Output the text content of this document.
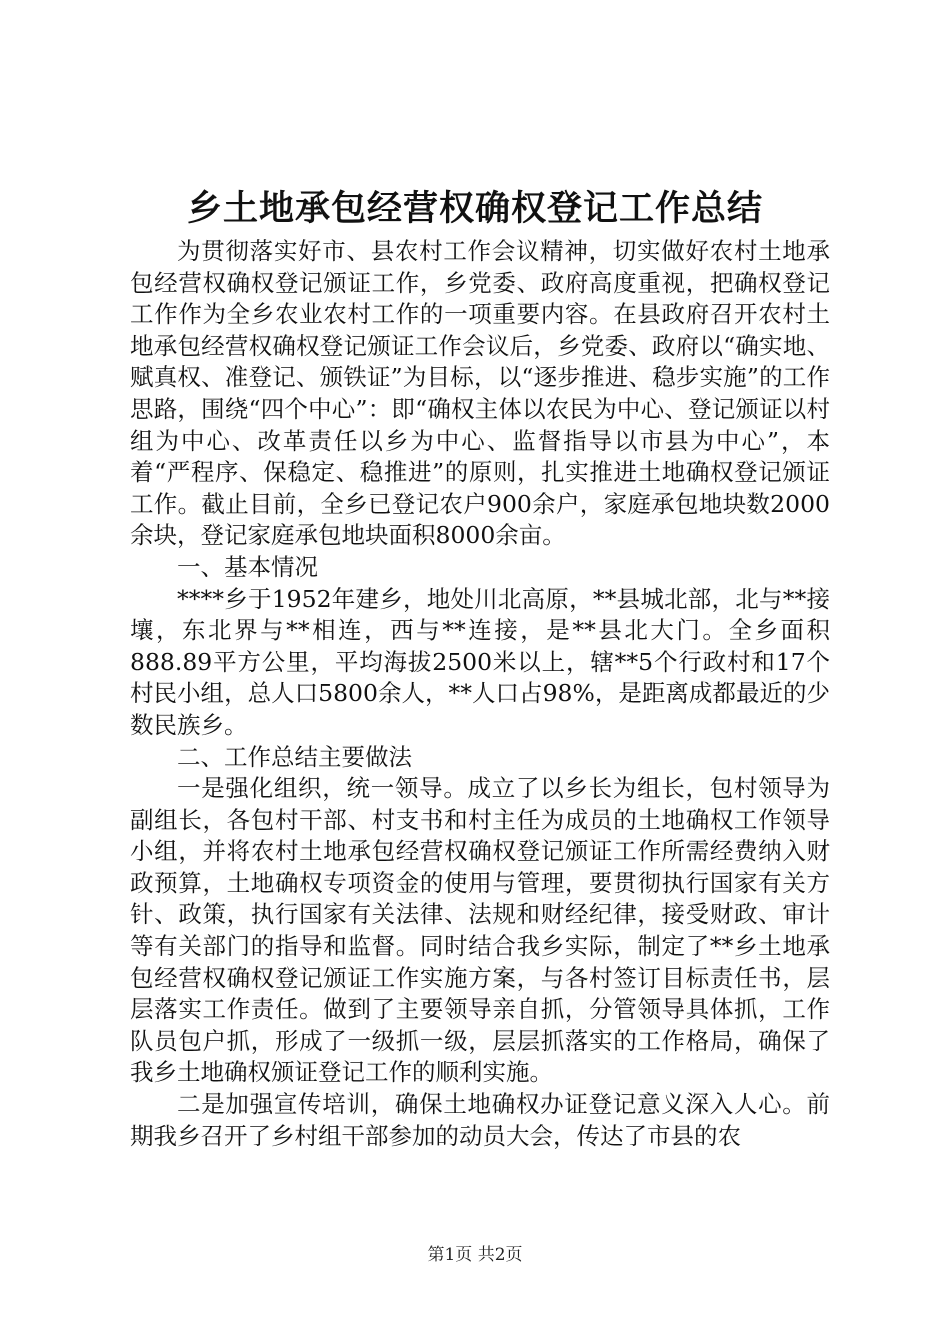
乡土地承包经营权确权登记工作总结

为贯彻落实好市、县农村工作会议精神，切实做好农村土地承包经营权确权登记颁证工作，乡党委、政府高度重视，把确权登记工作作为全乡农业农村工作的一项重要内容。在县政府召开农村土地承包经营权确权登记颁证工作会议后，乡党委、政府以“确实地、赋真权、准登记、颁铁证”为目标，以“逐步推进、稳步实施”的工作思路，围绕“四个中心”：即“确权主体以农民为中心、登记颁证以村组为中心、改革责任以乡为中心、监督指导以市县为中心”，本着“严程序、保稳定、稳推进”的原则，扎实推进土地确权登记颁证工作。截止目前，全乡已登记农户900余户，家庭承包地块数2000余块，登记家庭承包地块面积8000余亩。

一、基本情况

****乡于1952年建乡，地处川北高原，**县城北部，北与**接壤，东北界与**相连，西与**连接，是**县北大门。全乡面积888.89平方公里，平均海拔2500米以上，辖**5个行政村和17个村民小组，总人口5800余人，**人口占98%，是距离成都最近的少数民族乡。

二、工作总结主要做法

一是强化组织，统一领导。成立了以乡长为组长，包村领导为副组长，各包村干部、村支书和村主任为成员的土地确权工作领导小组，并将农村土地承包经营权确权登记颁证工作所需经费纳入财政预算，土地确权专项资金的使用与管理，要贯彻执行国家有关方针、政策，执行国家有关法律、法规和财经纪律，接受财政、审计等有关部门的指导和监督。同时结合我乡实际，制定了**乡土地承包经营权确权登记颁证工作实施方案，与各村签订目标责任书，层层落实工作责任。做到了主要领导亲自抓，分管领导具体抓，工作队员包户抓，形成了一级抓一级，层层抓落实的工作格局，确保了我乡土地确权颁证登记工作的顺利实施。

二是加强宣传培训，确保土地确权办证登记意义深入人心。前期我乡召开了乡村组干部参加的动员大会，传达了市县的农

第1页 共2页
